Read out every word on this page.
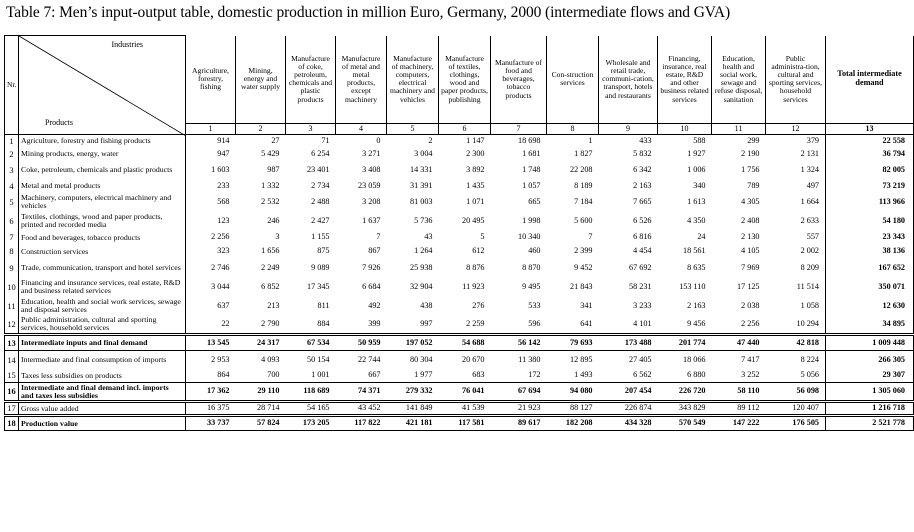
Table 7: Men’s input-output table, domestic production in million Euro, Germany, 2000 (intermediate flows and GVA)
Nr.	Industries
Products	Agriculture, forestry, fishing	Mining, energy and water supply	Manufacture of coke, petroleum, chemicals and plastic products	Manufacture of metal and metal products, except machinery	Manufacture of machinery, computers, electrical machinery and vehicles	Manufacture of textiles, clothings, wood and paper products, publishing	Manufacture of food and beverages, tobacco products	Con-struction services	Wholesale and retail trade, communi-cation, transport, hotels and restaurants	Financing, insurance, real estate, R&D and other business related services	Education, health and social work, sewage and refuse disposal, sanitation	Public administra-tion, cultural and sporting services, household services	Total intermediate demand
		1	2	3	4	5	6	7	8	9	10	11	12	13
1	Agriculture, forestry and fishing products	914	27	71	0	2	1 147	18 698	1	433	588	299	379	22 558
2	Mining products, energy, water	947	5 429	6 254	3 271	3 004	2 300	1 681	1 827	5 832	1 927	2 190	2 131	36 794
3	Coke, petroleum, chemicals and plastic products	1 603	987	23 401	3 408	14 331	3 892	1 748	22 208	6 342	1 006	1 756	1 324	82 005
4	Metal and metal products	233	1 332	2 734	23 059	31 391	1 435	1 057	8 189	2 163	340	789	497	73 219
5	Machinery, computers, electrical machinery and vehicles	568	2 532	2 488	3 208	81 003	1 071	665	7 184	7 665	1 613	4 305	1 664	113 966
6	Textiles, clothings, wood and paper products, printed and recorded media	123	246	2 427	1 637	5 736	20 495	1 998	5 600	6 526	4 350	2 408	2 633	54 180
7	Food and beverages, tobacco products	2 256	3	1 155	7	43	5	10 340	7	6 816	24	2 130	557	23 343
8	Construction services	323	1 656	875	867	1 264	612	460	2 399	4 454	18 561	4 105	2 002	38 136
9	Trade, communication, transport and hotel services	2 746	2 249	9 089	7 926	25 938	8 876	8 870	9 452	67 692	8 635	7 969	8 209	167 652
10	Financing and insurance services, real estate, R&D and business related services	3 044	6 852	17 345	6 684	32 904	11 923	9 495	21 843	58 231	153 110	17 125	11 514	350 071
11	Education, health and social work services, sewage and disposal services	637	213	811	492	438	276	533	341	3 233	2 163	2 038	1 058	12 630
12	Public administration, cultural and sporting services, household services	22	2 790	884	399	997	2 259	596	641	4 101	9 456	2 256	10 294	34 895
13	Intermediate inputs and final demand	13 545	24 317	67 534	50 959	197 052	54 688	56 142	79 693	173 488	201 774	47 440	42 818	1 009 448
14	Intermediate and final consumption of imports	2 953	4 093	50 154	22 744	80 304	20 670	11 380	12 895	27 405	18 066	7 417	8 224	266 305
15	Taxes less subsidies on products	864	700	1 001	667	1 977	683	172	1 493	6 562	6 880	3 252	5 056	29 307
16	Intermediate and final demand incl. imports and taxes less subsidies	17 362	29 110	118 689	74 371	279 332	76 041	67 694	94 080	207 454	226 720	58 110	56 098	1 305 060
17	Gross value added	16 375	28 714	54 165	43 452	141 849	41 539	21 923	88 127	226 874	343 829	89 112	120 407	1 216 718
18	Production value	33 737	57 824	173 205	117 822	421 181	117 581	89 617	182 208	434 328	570 549	147 222	176 505	2 521 778
